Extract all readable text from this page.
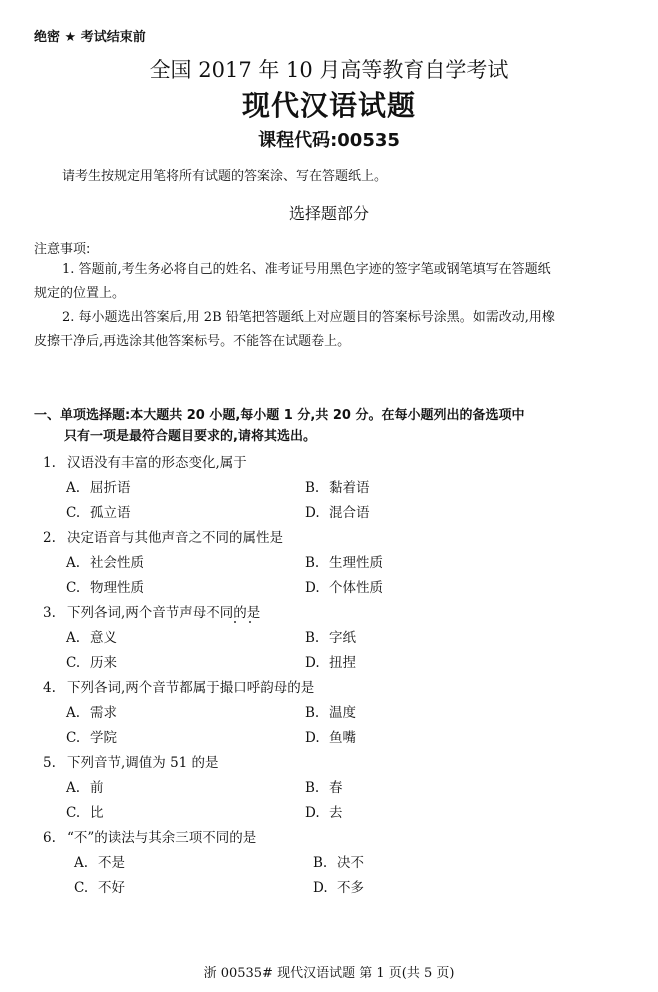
绝密 ★ 考试结束前
全国 2017 年 10 月高等教育自学考试
现代汉语试题
课程代码:00535
请考生按规定用笔将所有试题的答案涂、写在答题纸上。
选择题部分
注意事项:
1. 答题前,考生务必将自己的姓名、准考证号用黑色字迹的签字笔或钢笔填写在答题纸
规定的位置上。
2. 每小题选出答案后,用 2B 铅笔把答题纸上对应题目的答案标号涂黑。如需改动,用橡
皮擦干净后,再选涂其他答案标号。不能答在试题卷上。
一、单项选择题:本大题共 20 小题,每小题 1 分,共 20 分。在每小题列出的备选项中
只有一项是最符合题目要求的,请将其选出。
1. 汉语没有丰富的形态变化,属于
A. 屈折语	B. 黏着语
C. 孤立语	D. 混合语
2. 决定语音与其他声音之不同的属性是
A. 社会性质	B. 生理性质
C. 物理性质	D. 个体性质
3. 下列各词,两个音节声母不同的是
A. 意义	B. 字纸
C. 历来	D. 扭捏
4. 下列各词,两个音节都属于撮口呼韵母的是
A. 需求	B. 温度
C. 学院	D. 鱼嘴
5. 下列音节,调值为 51 的是
A. 前	B. 春
C. 比	D. 去
6. “不”的读法与其余三项不同的是
A. 不是	B. 决不
C. 不好	D. 不多
浙 00535# 现代汉语试题 第 1 页(共 5 页)
